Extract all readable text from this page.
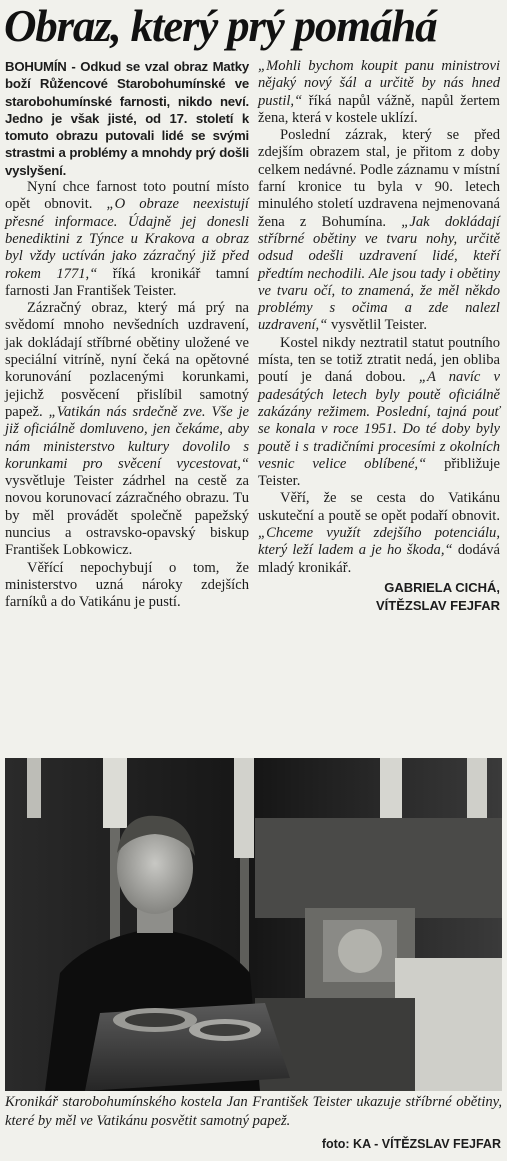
Obraz, který prý pomáhá

BOHUMÍN - Odkud se vzal obraz Matky boží Růžencové Starobohumínské ve starobohumínské farnosti, nikdo neví. Jedno je však jisté, od 17. století k tomuto obrazu putovali lidé se svými strastmi a problémy a mnohdy prý došli vyslyšení.

Nyní chce farnost toto poutní místo opět obnovit. „O obraze neexistují přesné informace. Údajně jej donesli benediktini z Týnce u Krakova a obraz byl vždy uctíván jako zázračný již před rokem 1771,“ říká kronikář tamní farnosti Jan František Teister.

Zázračný obraz, který má prý na svědomí mnoho nevšedních uzdravení, jak dokládají stříbrné obětiny uložené ve speciální vitríně, nyní čeká na opětovné korunování pozlacenými korunkami, jejichž posvěcení přislíbil samotný papež. „Vatikán nás srdečně zve. Vše je již oficiálně domluveno, jen čekáme, aby nám ministerstvo kultury dovolilo s korunkami pro svěcení vycestovat,“ vysvětluje Teister zádrhel na cestě za novou korunovací zázračného obrazu. Tu by měl provádět společně papežský nuncius a ostravsko-opavský biskup František Lobkowicz.

Věřící nepochybují o tom, že ministerstvo uzná nároky zdejších farníků a do Vatikánu je pustí.

„Mohli bychom koupit panu ministrovi nějaký nový šál a určitě by nás hned pustil,“ říká napůl vážně, napůl žertem žena, která v kostele uklízí.

Poslední zázrak, který se před zdejším obrazem stal, je přitom z doby celkem nedávné. Podle záznamu v místní farní kronice tu byla v 90. letech minulého století uzdravena nejmenovaná žena z Bohumína. „Jak dokládají stříbrné obětiny ve tvaru nohy, určitě odsud odešli uzdravení lidé, kteří předtím nechodili. Ale jsou tady i obětiny ve tvaru očí, to znamená, že měl někdo problémy s očima a zde nalezl uzdravení,“ vysvětlil Teister.

Kostel nikdy neztratil statut poutního místa, ten se totiž ztratit nedá, jen obliba poutí je daná dobou. „A navíc v padesátých letech byly poutě oficiálně zakázány režimem. Poslední, tajná pouť se konala v roce 1951. Do té doby byly poutě i s tradičními procesími z okolních vesnic velice oblíbené,“ přibližuje Teister.

Věří, že se cesta do Vatikánu uskuteční a poutě se opět podaří obnovit. „Chceme využít zdejšího potenciálu, který leží ladem a je ho škoda,“ dodává mladý kronikář.

GABRIELA CICHÁ,
VÍTĚZSLAV FEJFAR
Kronikář starobohumínského kostela Jan František Teister ukazuje stříbrné obětiny, které by měl ve Vatikánu posvětit samotný papež.
foto: KA - VÍTĚZSLAV FEJFAR
